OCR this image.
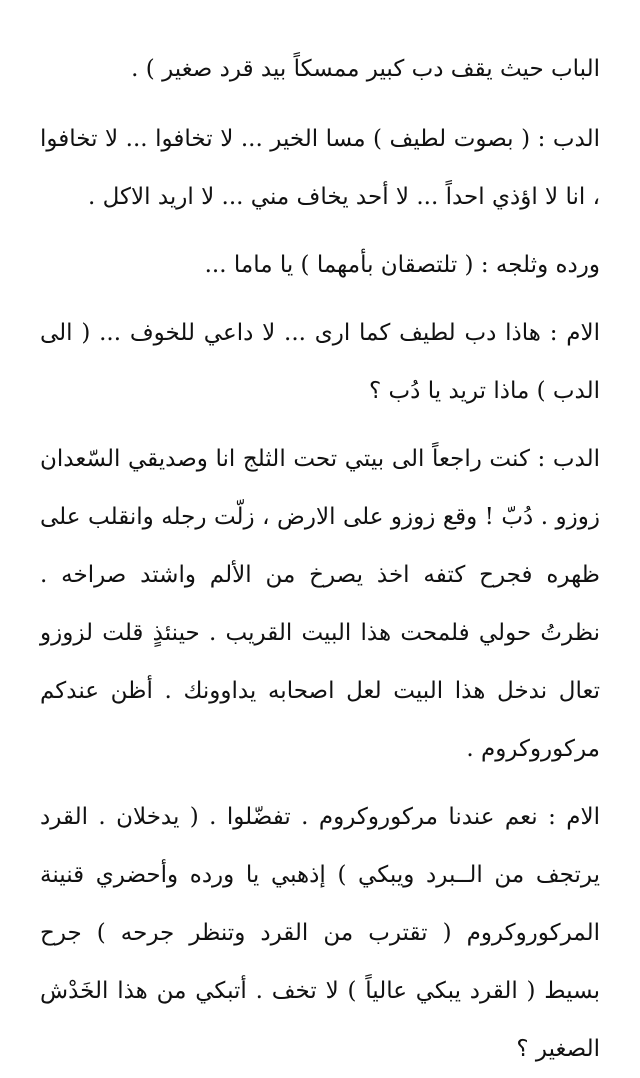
الباب حيث يقف دب كبير ممسكاً بيد قرد صغير ) .

الدب : ( بصوت لطيف ) مسا الخير ... لا تخافوا ... لا تخافوا ، انا لا اؤذي احداً ... لا أحد يخاف مني ... لا اريد الاكل .

ورده وثلجه : ( تلتصقان بأمهما ) يا ماما ...

الام : هاذا دب لطيف كما ارى ... لا داعي للخوف ... ( الى الدب ) ماذا تريد يا دُب ؟

الدب : كنت راجعاً الى بيتي تحت الثلج انا وصديقي السّعدان زوزو . دُبّ ! وقع زوزو على الارض ، زلّت رجله وانقلب على ظهره فجرح كتفه اخذ يصرخ من الألم واشتد صراخه . نظرتُ حولي فلمحت هذا البيت القريب . حينئذٍ قلت لزوزو تعال ندخل هذا البيت لعل اصحابه يداوونك . أظن عندكم مركوروكروم .

الام : نعم عندنا مركوروكروم . تفضّلوا . ( يدخلان . القرد يرتجف من الــبرد ويبكي ) إذهبي يا ورده وأحضري قنينة المركوروكروم ( تقترب من القرد وتنظر جرحه ) جرح بسيط ( القرد يبكي عالياً ) لا تخف . أتبكي من هذا الخَدْش الصغير ؟
